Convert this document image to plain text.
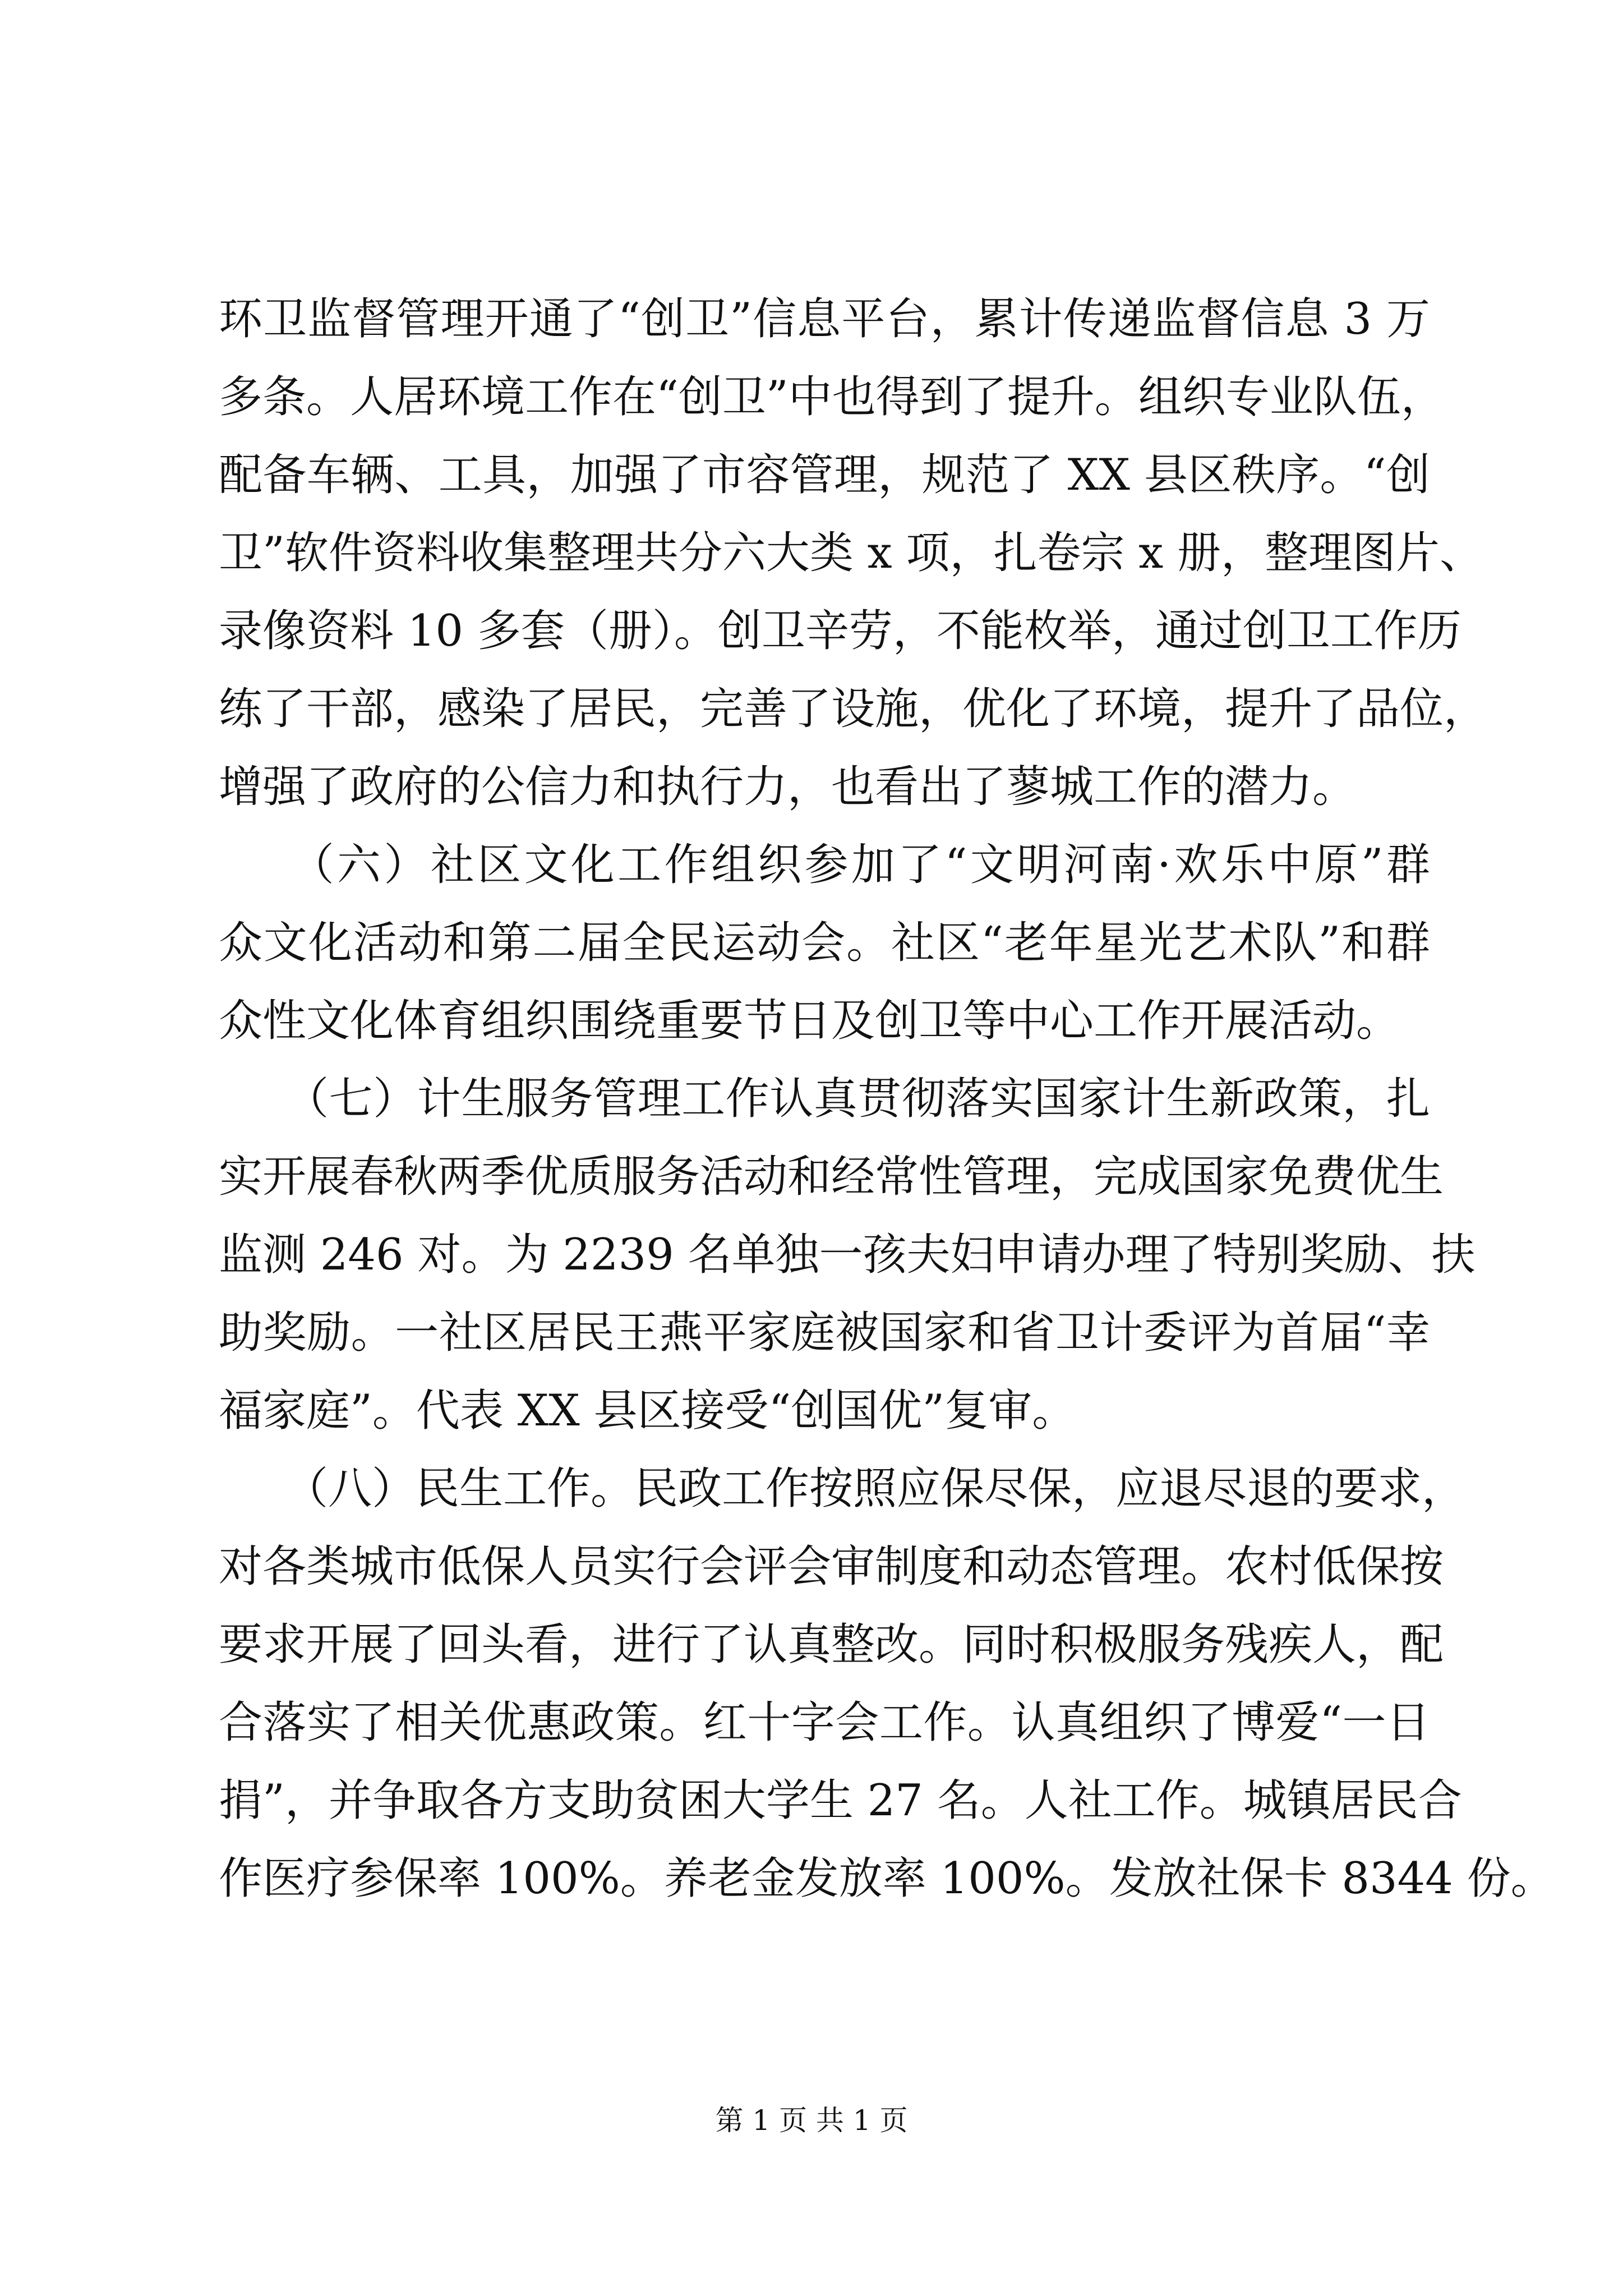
环卫监督管理开通了“创卫”信息平台，累计传递监督信息 3 万
多条。人居环境工作在“创卫”中也得到了提升。组织专业队伍，
配备车辆、工具，加强了市容管理，规范了 XX 县区秩序。“创
卫”软件资料收集整理共分六大类 x 项，扎卷宗 x 册，整理图片、
录像资料 10 多套（册）。创卫辛劳，不能枚举，通过创卫工作历
练了干部，感染了居民，完善了设施，优化了环境，提升了品位，
增强了政府的公信力和执行力，也看出了蓼城工作的潜力。
　　（六）社区文化工作组织参加了“文明河南·欢乐中原”群
众文化活动和第二届全民运动会。社区“老年星光艺术队”和群
众性文化体育组织围绕重要节日及创卫等中心工作开展活动。
　　（七）计生服务管理工作认真贯彻落实国家计生新政策，扎
实开展春秋两季优质服务活动和经常性管理，完成国家免费优生
监测 246 对。为 2239 名单独一孩夫妇申请办理了特别奖励、扶
助奖励。一社区居民王燕平家庭被国家和省卫计委评为首届“幸
福家庭”。代表 XX 县区接受“创国优”复审。
　　（八）民生工作。民政工作按照应保尽保，应退尽退的要求，
对各类城市低保人员实行会评会审制度和动态管理。农村低保按
要求开展了回头看，进行了认真整改。同时积极服务残疾人，配
合落实了相关优惠政策。红十字会工作。认真组织了博爱“一日
捐”，并争取各方支助贫困大学生 27 名。人社工作。城镇居民合
作医疗参保率 100%。养老金发放率 100%。发放社保卡 8344 份。
第 1 页 共 1 页
